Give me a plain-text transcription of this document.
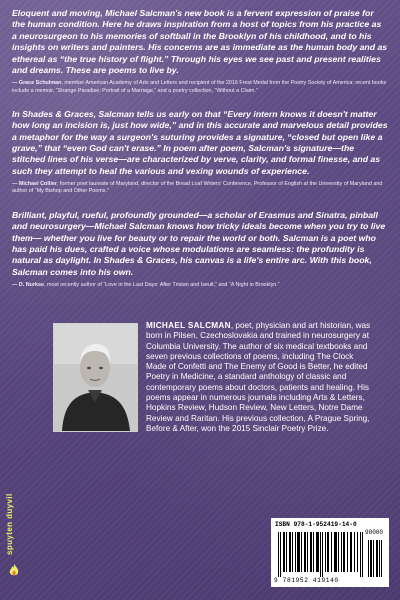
Eloquent and moving, Michael Salcman's new book is a fervent expression of praise for the human condition. Here he draws inspiration from a host of topics from his practice as a neurosurgeon to his memories of softball in the Brooklyn of his childhood, and to his insights on writers and painters. His concerns are as immediate as the human body and as ethereal as “the true history of flight.” Through his eyes we see past and present realities and dreams. These are poems to live by.

— Grace Schulman, member American Academy of Arts and Letters and recipient of the 2016 Frost Medal from the Poetry Society of America; recent books include a memoir, “Strange Paradise: Portrait of a Marriage,” and a poetry collection, “Without a Claim.”

In Shades & Graces, Salcman tells us early on that “Every intern knows it doesn't matter how long an incision is, just how wide,” and in this accurate and marvelous detail provides a metaphor for the way a surgeon's suturing provides a signature, “closed but open like a grave,” that “even God can't erase.” In poem after poem, Salcman's signature—the stitched lines of his verse—are characterized by verve, clarity, and formal finesse, and as such they attempt to heal the various and vexing wounds of experience.

— Michael Collier, former poet laureate of Maryland, director of the Bread Loaf Writers' Conference, Professor of English at the University of Maryland and author of “My Bishop and Other Poems.”

Brilliant, playful, rueful, profoundly grounded—a scholar of Erasmus and Sinatra, pinball and neurosurgery—Michael Salcman knows how tricky ideals become when you try to live them— whether you live for beauty or to repair the world or both. Salcman is a poet who has paid his dues, crafted a voice whose modulations are seamless: the profundity is natural as daylight. In Shades & Graces, his canvas is a life's entire arc. With this book, Salcman comes into his own.

— D. Nurkse, most recently author of “Love in the Last Days: After Tristan and Iseult,” and “A Night in Brooklyn.”

MICHAEL SALCMAN, poet, physician and art historian, was born in Pilsen, Czechoslovakia and trained in neurosurgery at Columbia University. The author of six medical textbooks and seven previous collections of poems, including The Clock Made of Confetti and The Enemy of Good is Better, he edited Poetry in Medicine, a standard anthology of classic and contemporary poems about doctors, patients and healing. His poems appear in numerous journals including Arts & Letters, Hopkins Review, Hudson Review, New Letters, Notre Dame Review and Raritan. His previous collection, A Prague Spring, Before & After, won the 2015 Sinclair Poetry Prize.

spuyten duyvil	ISBN 978-1-952419-14-0
90000
9 781952 419140
